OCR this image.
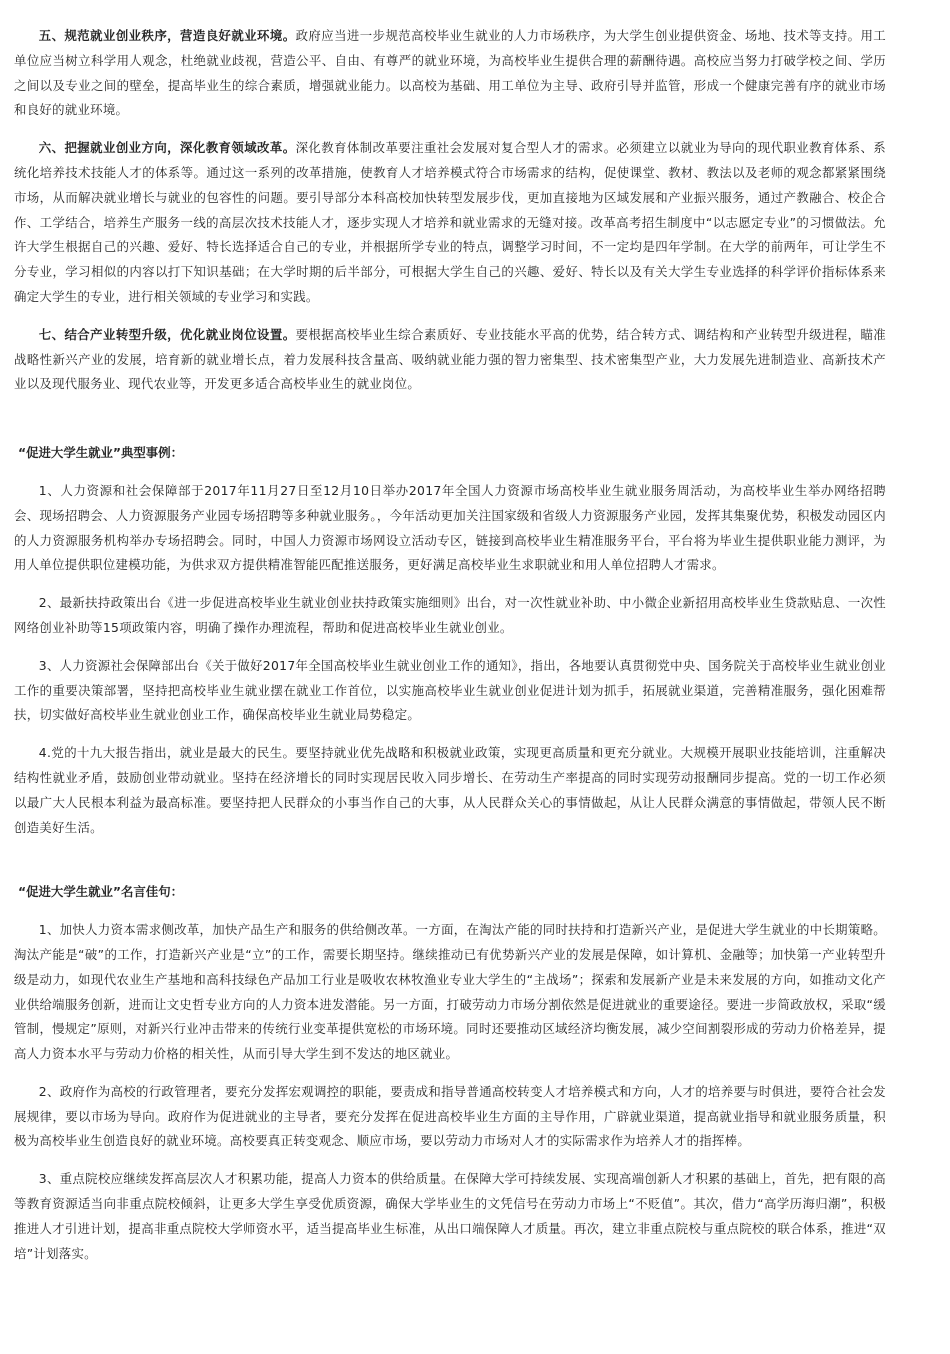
五、规范就业创业秩序，营造良好就业环境。政府应当进一步规范高校毕业生就业的人力市场秩序，为大学生创业提供资金、场地、技术等支持。用工单位应当树立科学用人观念，杜绝就业歧视，营造公平、自由、有尊严的就业环境，为高校毕业生提供合理的薪酬待遇。高校应当努力打破学校之间、学历之间以及专业之间的壁垒，提高毕业生的综合素质，增强就业能力。以高校为基础、用工单位为主导、政府引导并监管，形成一个健康完善有序的就业市场和良好的就业环境。

六、把握就业创业方向，深化教育领域改革。深化教育体制改革要注重社会发展对复合型人才的需求。必须建立以就业为导向的现代职业教育体系、系统化培养技术技能人才的体系等。通过这一系列的改革措施，使教育人才培养模式符合市场需求的结构，促使课堂、教材、教法以及老师的观念都紧紧围绕市场，从而解决就业增长与就业的包容性的问题。要引导部分本科高校加快转型发展步伐，更加直接地为区域发展和产业振兴服务，通过产教融合、校企合作、工学结合，培养生产服务一线的高层次技术技能人才，逐步实现人才培养和就业需求的无缝对接。改革高考招生制度中“以志愿定专业”的习惯做法。允许大学生根据自己的兴趣、爱好、特长选择适合自己的专业，并根据所学专业的特点，调整学习时间，不一定均是四年学制。在大学的前两年，可让学生不分专业，学习相似的内容以打下知识基础；在大学时期的后半部分，可根据大学生自己的兴趣、爱好、特长以及有关大学生专业选择的科学评价指标体系来确定大学生的专业，进行相关领域的专业学习和实践。

七、结合产业转型升级，优化就业岗位设置。要根据高校毕业生综合素质好、专业技能水平高的优势，结合转方式、调结构和产业转型升级进程，瞄准战略性新兴产业的发展，培育新的就业增长点，着力发展科技含量高、吸纳就业能力强的智力密集型、技术密集型产业，大力发展先进制造业、高新技术产业以及现代服务业、现代农业等，开发更多适合高校毕业生的就业岗位。

“促进大学生就业”典型事例：

1、人力资源和社会保障部于2017年11月27日至12月10日举办2017年全国人力资源市场高校毕业生就业服务周活动，为高校毕业生举办网络招聘会、现场招聘会、人力资源服务产业园专场招聘等多种就业服务。，今年活动更加关注国家级和省级人力资源服务产业园，发挥其集聚优势，积极发动园区内的人力资源服务机构举办专场招聘会。同时，中国人力资源市场网设立活动专区，链接到高校毕业生精准服务平台，平台将为毕业生提供职业能力测评，为用人单位提供职位建模功能，为供求双方提供精准智能匹配推送服务，更好满足高校毕业生求职就业和用人单位招聘人才需求。

2、最新扶持政策出台《进一步促进高校毕业生就业创业扶持政策实施细则》出台，对一次性就业补助、中小微企业新招用高校毕业生贷款贴息、一次性网络创业补助等15项政策内容，明确了操作办理流程，帮助和促进高校毕业生就业创业。

3、人力资源社会保障部出台《关于做好2017年全国高校毕业生就业创业工作的通知》，指出，各地要认真贯彻党中央、国务院关于高校毕业生就业创业工作的重要决策部署，坚持把高校毕业生就业摆在就业工作首位，以实施高校毕业生就业创业促进计划为抓手，拓展就业渠道，完善精准服务，强化困难帮扶，切实做好高校毕业生就业创业工作，确保高校毕业生就业局势稳定。

4.党的十九大报告指出，就业是最大的民生。要坚持就业优先战略和积极就业政策，实现更高质量和更充分就业。大规模开展职业技能培训，注重解决结构性就业矛盾，鼓励创业带动就业。坚持在经济增长的同时实现居民收入同步增长、在劳动生产率提高的同时实现劳动报酬同步提高。党的一切工作必须以最广大人民根本利益为最高标准。要坚持把人民群众的小事当作自己的大事，从人民群众关心的事情做起，从让人民群众满意的事情做起，带领人民不断创造美好生活。

“促进大学生就业”名言佳句：

1、加快人力资本需求侧改革，加快产品生产和服务的供给侧改革。一方面，在淘汰产能的同时扶持和打造新兴产业，是促进大学生就业的中长期策略。淘汰产能是“破”的工作，打造新兴产业是“立”的工作，需要长期坚持。继续推动已有优势新兴产业的发展是保障，如计算机、金融等；加快第一产业转型升级是动力，如现代农业生产基地和高科技绿色产品加工行业是吸收农林牧渔业专业大学生的“主战场”；探索和发展新产业是未来发展的方向，如推动文化产业供给端服务创新，进而让文史哲专业方向的人力资本进发潜能。另一方面，打破劳动力市场分割依然是促进就业的重要途径。要进一步简政放权，采取“缓管制，慢规定”原则，对新兴行业冲击带来的传统行业变革提供宽松的市场环境。同时还要推动区域经济均衡发展，减少空间割裂形成的劳动力价格差异，提高人力资本水平与劳动力价格的相关性，从而引导大学生到不发达的地区就业。

2、政府作为高校的行政管理者，要充分发挥宏观调控的职能，要责成和指导普通高校转变人才培养模式和方向，人才的培养要与时俱进，要符合社会发展规律，要以市场为导向。政府作为促进就业的主导者，要充分发挥在促进高校毕业生方面的主导作用，广辟就业渠道，提高就业指导和就业服务质量，积极为高校毕业生创造良好的就业环境。高校要真正转变观念、顺应市场，要以劳动力市场对人才的实际需求作为培养人才的指挥棒。

3、重点院校应继续发挥高层次人才积累功能，提高人力资本的供给质量。在保障大学可持续发展、实现高端创新人才积累的基础上，首先，把有限的高等教育资源适当向非重点院校倾斜，让更多大学生享受优质资源，确保大学毕业生的文凭信号在劳动力市场上“不贬值”。其次，借力“高学历海归潮”，积极推进人才引进计划，提高非重点院校大学师资水平，适当提高毕业生标准，从出口端保障人才质量。再次，建立非重点院校与重点院校的联合体系，推进“双培”计划落实。
